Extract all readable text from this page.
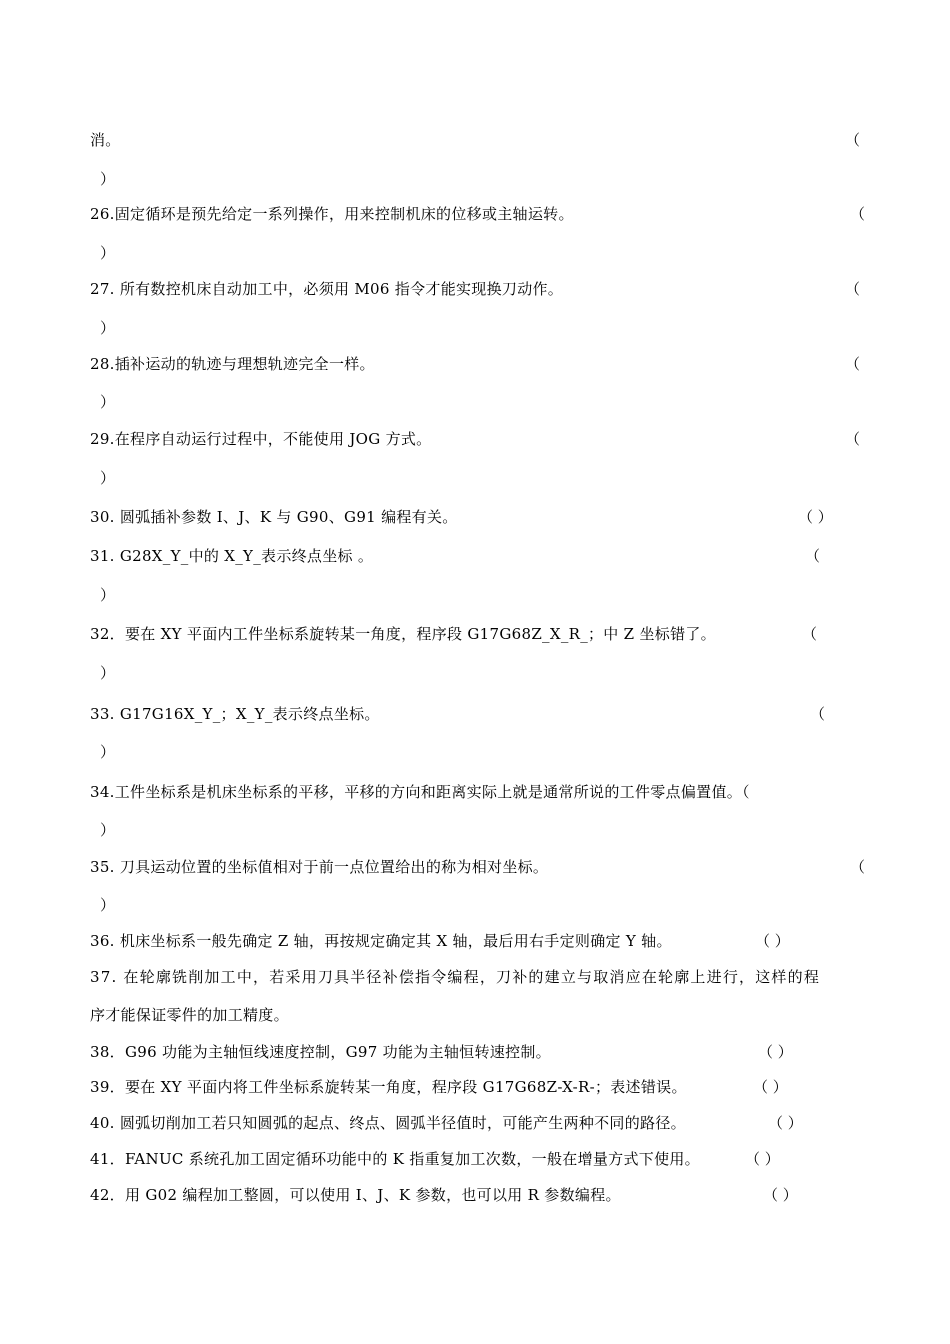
消。	（
）
26.固定循环是预先给定一系列操作，用来控制机床的位移或主轴运转。	（
）
27. 所有数控机床自动加工中，必须用 M06 指令才能实现换刀动作。	（
）
28.插补运动的轨迹与理想轨迹完全一样。	（
）
29.在程序自动运行过程中，不能使用 JOG 方式。	（
）
30. 圆弧插补参数 I、J、K 与 G90、G91 编程有关。	（ ）
31. G28X_Y_中的 X_Y_表示终点坐标 。	（
）
32．要在 XY 平面内工件坐标系旋转某一角度，程序段 G17G68Z_X_R_；中 Z 坐标错了。	（
）
33. G17G16X_Y_；X_Y_表示终点坐标。	（
）
34.工件坐标系是机床坐标系的平移，平移的方向和距离实际上就是通常所说的工件零点偏置值。（
）
35. 刀具运动位置的坐标值相对于前一点位置给出的称为相对坐标。	（
）
36. 机床坐标系一般先确定 Z 轴，再按规定确定其 X 轴，最后用右手定则确定 Y 轴。	（ ）
37. 在轮廓铣削加工中，若采用刀具半径补偿指令编程，刀补的建立与取消应在轮廓上进行，这样的程
序才能保证零件的加工精度。
38．G96 功能为主轴恒线速度控制，G97 功能为主轴恒转速控制。	（ ）
39．要在 XY 平面内将工件坐标系旋转某一角度，程序段 G17G68Z-X-R-；表述错误。	（ ）
40. 圆弧切削加工若只知圆弧的起点、终点、圆弧半径值时，可能产生两种不同的路径。	（ ）
41．FANUC 系统孔加工固定循环功能中的 K 指重复加工次数，一般在增量方式下使用。	（ ）
42．用 G02 编程加工整圆，可以使用 I、J、K 参数，也可以用 R 参数编程。	（ ）
